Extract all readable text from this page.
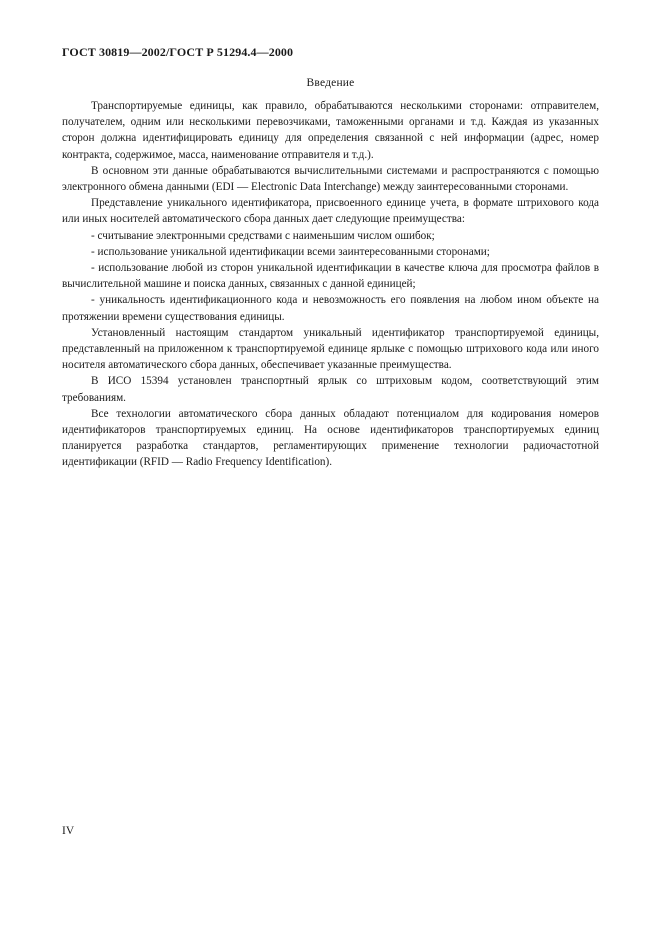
ГОСТ 30819—2002/ГОСТ Р 51294.4—2000
Введение

Транспортируемые единицы, как правило, обрабатываются несколькими сторонами: отправителем, получателем, одним или несколькими перевозчиками, таможенными органами и т.д. Каждая из указанных сторон должна идентифицировать единицу для определения связанной с ней информации (адрес, номер контракта, содержимое, масса, наименование отправителя и т.д.).

В основном эти данные обрабатываются вычислительными системами и распространяются с помощью электронного обмена данными (EDI — Electronic Data Interchange) между заинтересованными сторонами.

Представление уникального идентификатора, присвоенного единице учета, в формате штрихового кода или иных носителей автоматического сбора данных дает следующие преимущества:

- считывание электронными средствами с наименьшим числом ошибок;

- использование уникальной идентификации всеми заинтересованными сторонами;

- использование любой из сторон уникальной идентификации в качестве ключа для просмотра файлов в вычислительной машине и поиска данных, связанных с данной единицей;

- уникальность идентификационного кода и невозможность его появления на любом ином объекте на протяжении времени существования единицы.

Установленный настоящим стандартом уникальный идентификатор транспортируемой единицы, представленный на приложенном к транспортируемой единице ярлыке с помощью штрихового кода или иного носителя автоматического сбора данных, обеспечивает указанные преимущества.

В ИСО 15394 установлен транспортный ярлык со штриховым кодом, соответствующий этим требованиям.

Все технологии автоматического сбора данных обладают потенциалом для кодирования номеров идентификаторов транспортируемых единиц. На основе идентификаторов транспортируемых единиц планируется разработка стандартов, регламентирующих применение технологии радиочастотной идентификации (RFID — Radio Frequency Identification).

IV
